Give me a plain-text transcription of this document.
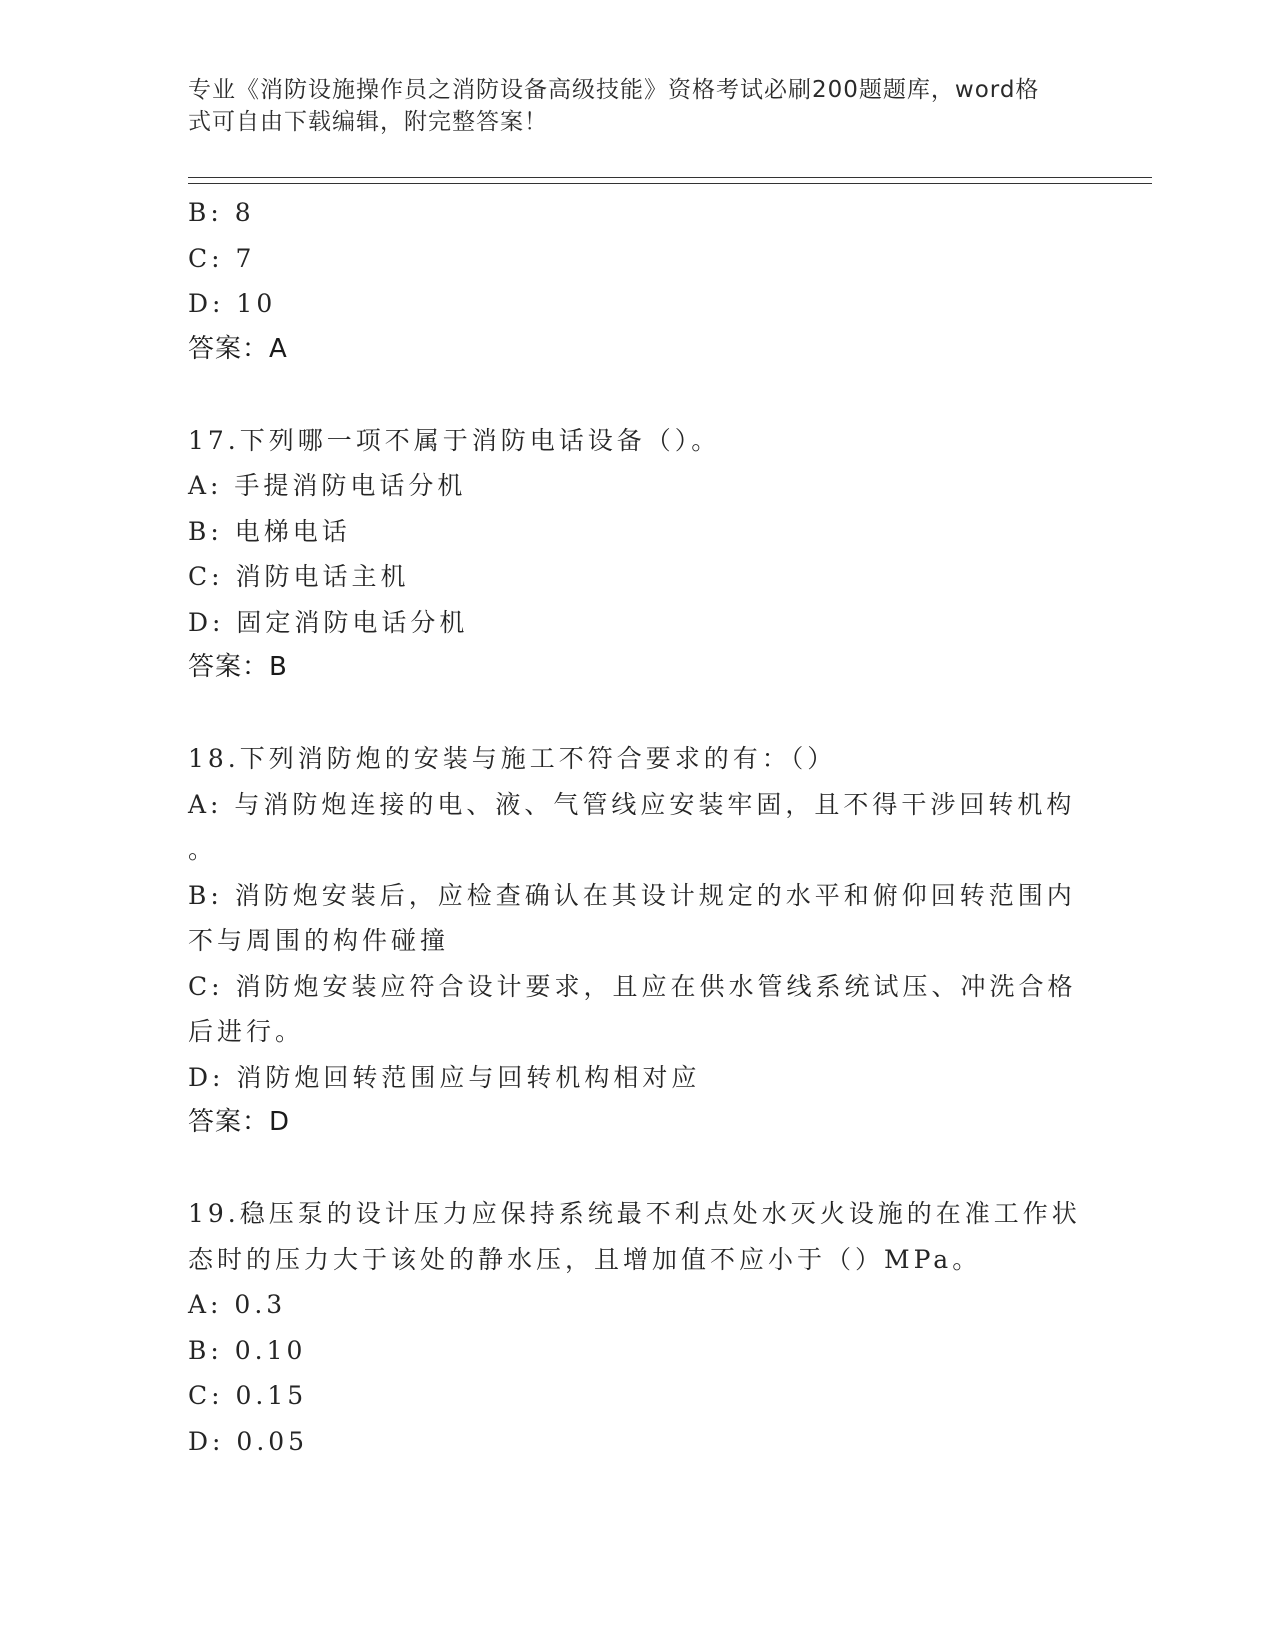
专业《消防设施操作员之消防设备高级技能》资格考试必刷200题题库，word格
式可自由下载编辑，附完整答案！
B: 8
C: 7
D: 10
答案：A
17.下列哪一项不属于消防电话设备（）。
A: 手提消防电话分机
B: 电梯电话
C: 消防电话主机
D: 固定消防电话分机
答案：B
18.下列消防炮的安装与施工不符合要求的有：（）
A: 与消防炮连接的电、液、气管线应安装牢固，且不得干涉回转机构
。
B: 消防炮安装后，应检查确认在其设计规定的水平和俯仰回转范围内
不与周围的构件碰撞
C: 消防炮安装应符合设计要求，且应在供水管线系统试压、冲洗合格
后进行。
D: 消防炮回转范围应与回转机构相对应
答案：D
19.稳压泵的设计压力应保持系统最不利点处水灭火设施的在准工作状
态时的压力大于该处的静水压，且增加值不应小于（）MPa。
A: 0.3
B: 0.10
C: 0.15
D: 0.05
